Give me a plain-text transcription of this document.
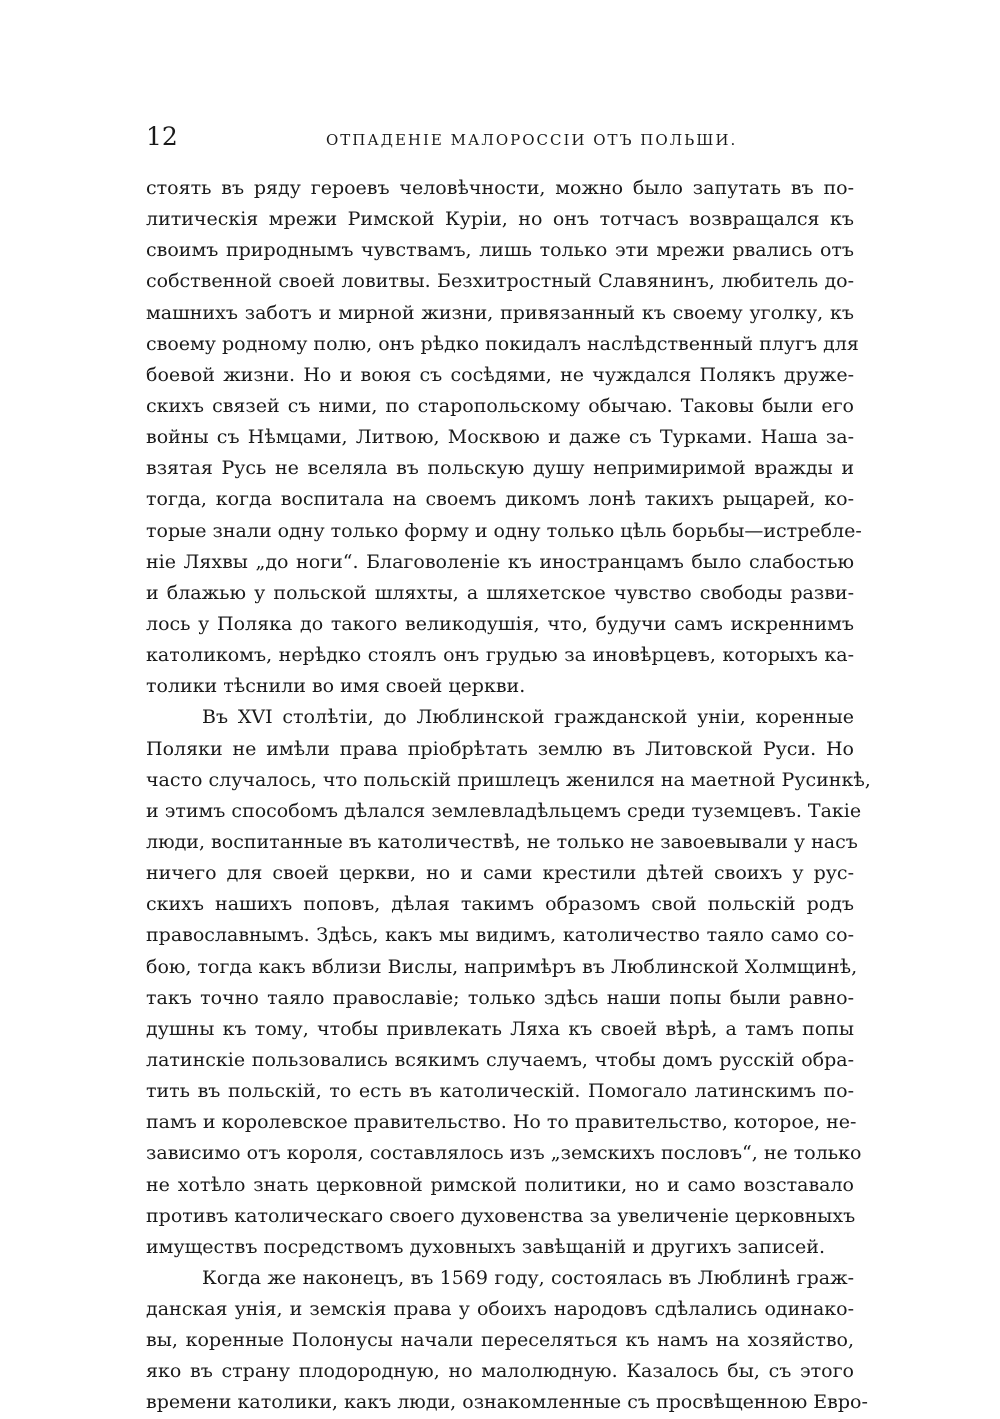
12	ОТПАДЕНІЕ МАЛОРОССІИ ОТЪ ПОЛЬШИ.
стоять въ ряду героевъ человѣчности, можно было запутать въ по-
литическія мрежи Римской Куріи, но онъ тотчасъ возвращался къ
своимъ природнымъ чувствамъ, лишь только эти мрежи рвались отъ
собственной своей ловитвы. Безхитростный Славянинъ, любитель до-
машнихъ заботъ и мирной жизни, привязанный къ своему уголку, къ
своему родному полю, онъ рѣдко покидалъ наслѣдственный плугъ для
боевой жизни. Но и воюя съ сосѣдями, не чуждался Полякъ друже-
скихъ связей съ ними, по старопольскому обычаю. Таковы были его
войны съ Нѣмцами, Литвою, Москвою и даже съ Турками. Наша за-
взятая Русь не вселяла въ польскую душу непримиримой вражды и
тогда, когда воспитала на своемъ дикомъ лонѣ такихъ рыцарей, ко-
торые знали одну только форму и одну только цѣль борьбы—истребле-
ніе Ляхвы „до ноги“. Благоволеніе къ иностранцамъ было слабостью
и блажью у польской шляхты, а шляхетское чувство свободы разви-
лось у Поляка до такого великодушія, что, будучи самъ искреннимъ
католикомъ, нерѣдко стоялъ онъ грудью за иновѣрцевъ, которыхъ ка-
толики тѣснили во имя своей церкви.
Въ XVI столѣтіи, до Люблинской гражданской уніи, коренные
Поляки не имѣли права пріобрѣтать землю въ Литовской Руси. Но
часто случалось, что польскій пришлецъ женился на маетной Русинкѣ,
и этимъ способомъ дѣлался землевладѣльцемъ среди туземцевъ. Такіе
люди, воспитанные въ католичествѣ, не только не завоевывали у насъ
ничего для своей церкви, но и сами крестили дѣтей своихъ у рус-
скихъ нашихъ поповъ, дѣлая такимъ образомъ свой польскій родъ
православнымъ. Здѣсь, какъ мы видимъ, католичество таяло само со-
бою, тогда какъ вблизи Вислы, напримѣръ въ Люблинской Холмщинѣ,
такъ точно таяло православіе; только здѣсь наши попы были равно-
душны къ тому, чтобы привлекать Ляха къ своей вѣрѣ, а тамъ попы
латинскіе пользовались всякимъ случаемъ, чтобы домъ русскій обра-
тить въ польскій, то есть въ католическій. Помогало латинскимъ по-
памъ и королевское правительство. Но то правительство, которое, не-
зависимо отъ короля, составлялось изъ „земскихъ пословъ“, не только
не хотѣло знать церковной римской политики, но и само возставало
противъ католическаго своего духовенства за увеличеніе церковныхъ
имуществъ посредствомъ духовныхъ завѣщаній и другихъ записей.
Когда же наконецъ, въ 1569 году, состоялась въ Люблинѣ граж-
данская унія, и земскія права у обоихъ народовъ сдѣлались одинако-
вы, коренные Полонусы начали переселяться къ намъ на хозяйство,
яко въ страну плодородную, но малолюдную. Казалось бы, съ этого
времени католики, какъ люди, ознакомленные съ просвѣщенною Евро-
